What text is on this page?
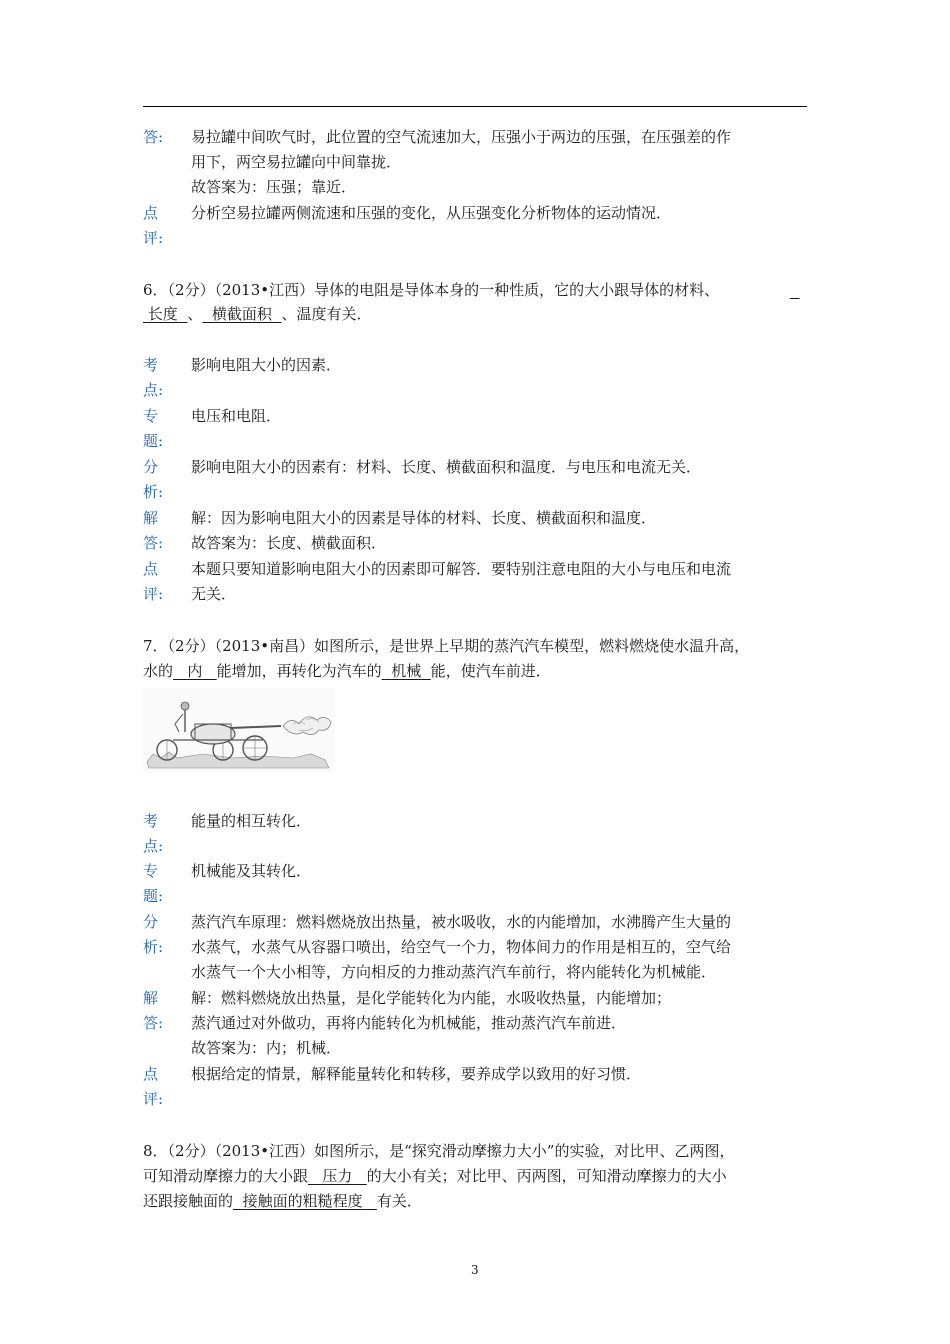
答: 易拉罐中间吹气时，此位置的空气流速加大，压强小于两边的压强，在压强差的作
用下，两空易拉罐向中间靠拢．
故答案为：压强；靠近．
点
评:
分析空易拉罐两侧流速和压强的变化，从压强变化分析物体的运动情况．
6．（2分）（2013•江西）导体的电阻是导体本身的一种性质，它的大小跟导体的材料、

长度 、 横截面积 、温度有关．
考
点:
影响电阻大小的因素．
专
题:
电压和电阻．
分
析:
影响电阻大小的因素有：材料、长度、横截面积和温度．与电压和电流无关．
解
答:
解：因为影响电阻大小的因素是导体的材料、长度、横截面积和温度．
故答案为：长度、横截面积．
点
评:
本题只要知道影响电阻大小的因素即可解答．要特别注意电阻的大小与电压和电流
无关．
7．（2分）（2013•南昌）如图所示，是世界上早期的蒸汽汽车模型，燃料燃烧使水温升高，
水的 内 能增加，再转化为汽车的 机械 能，使汽车前进．
考
点:
能量的相互转化．
专
题:
机械能及其转化．
分
析:
蒸汽汽车原理：燃料燃烧放出热量，被水吸收，水的内能增加，水沸腾产生大量的
水蒸气，水蒸气从容器口喷出，给空气一个力，物体间力的作用是相互的，空气给
水蒸气一个大小相等，方向相反的力推动蒸汽汽车前行，将内能转化为机械能．
解
答:
解：燃料燃烧放出热量，是化学能转化为内能，水吸收热量，内能增加；
蒸汽通过对外做功，再将内能转化为机械能，推动蒸汽汽车前进．
故答案为：内；机械．
点
评:
根据给定的情景，解释能量转化和转移，要养成学以致用的好习惯．
8．（2分）（2013•江西）如图所示，是“探究滑动摩擦力大小”的实验，对比甲、乙两图，
可知滑动摩擦力的大小跟 压力 的大小有关；对比甲、丙两图，可知滑动摩擦力的大小
还跟接触面的 接触面的粗糙程度 有关．
3
